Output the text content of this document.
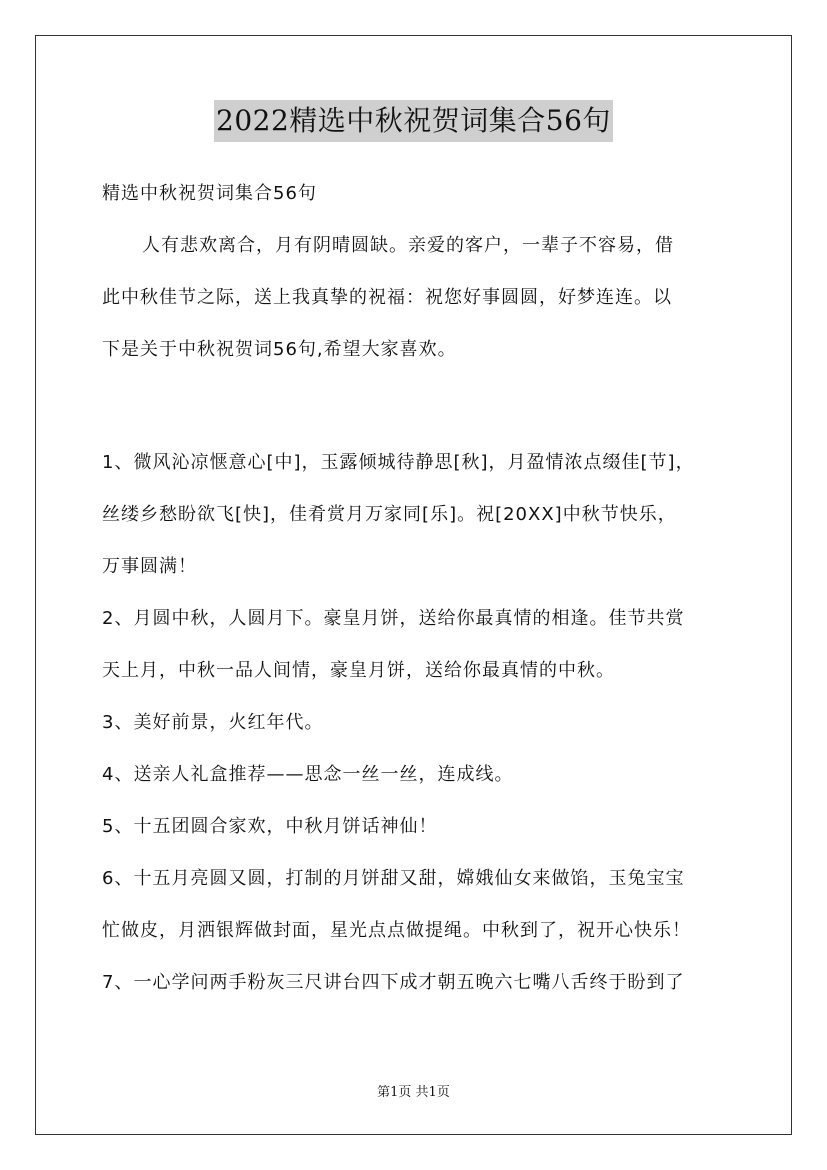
2022精选中秋祝贺词集合56句
精选中秋祝贺词集合56句
人有悲欢离合，月有阴晴圆缺。亲爱的客户，一辈子不容易，借
此中秋佳节之际，送上我真挚的祝福：祝您好事圆圆，好梦连连。以
下是关于中秋祝贺词56句,希望大家喜欢。
1、微风沁凉惬意心[中]，玉露倾城待静思[秋]，月盈情浓点缀佳[节]，
丝缕乡愁盼欲飞[快]，佳肴赏月万家同[乐]。祝[20XX]中秋节快乐，
万事圆满！
2、月圆中秋，人圆月下。豪皇月饼，送给你最真情的相逢。佳节共赏
天上月，中秋一品人间情，豪皇月饼，送给你最真情的中秋。
3、美好前景，火红年代。
4、送亲人礼盒推荐——思念一丝一丝，连成线。
5、十五团圆合家欢，中秋月饼话神仙！
6、十五月亮圆又圆，打制的月饼甜又甜，嫦娥仙女来做馅，玉兔宝宝
忙做皮，月洒银辉做封面，星光点点做提绳。中秋到了，祝开心快乐！
7、一心学问两手粉灰三尺讲台四下成才朝五晚六七嘴八舌终于盼到了
第1页 共1页
